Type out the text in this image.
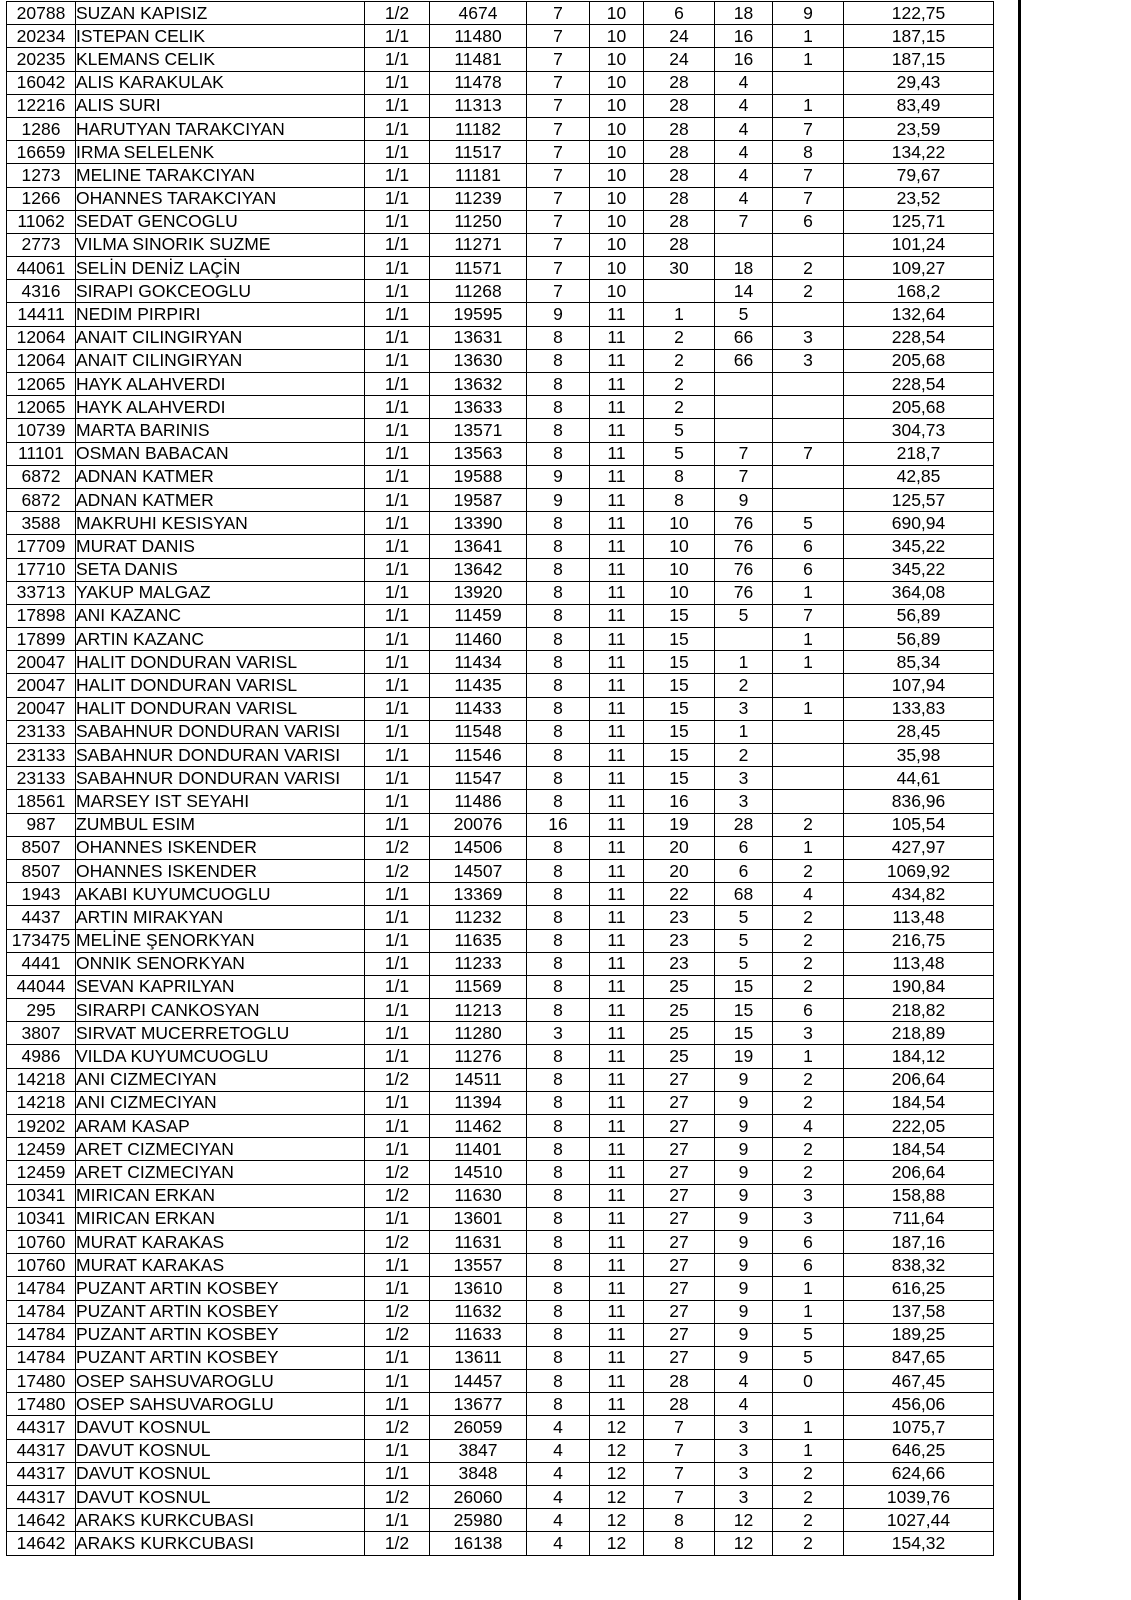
20788	SUZAN KAPISIZ	1/2	4674	7	10	6	18	9	122,75
20234	ISTEPAN CELIK	1/1	11480	7	10	24	16	1	187,15
20235	KLEMANS CELIK	1/1	11481	7	10	24	16	1	187,15
16042	ALIS KARAKULAK	1/1	11478	7	10	28	4		29,43
12216	ALIS SURI	1/1	11313	7	10	28	4	1	83,49
1286	HARUTYAN TARAKCIYAN	1/1	11182	7	10	28	4	7	23,59
16659	IRMA SELELENK	1/1	11517	7	10	28	4	8	134,22
1273	MELINE TARAKCIYAN	1/1	11181	7	10	28	4	7	79,67
1266	OHANNES TARAKCIYAN	1/1	11239	7	10	28	4	7	23,52
11062	SEDAT GENCOGLU	1/1	11250	7	10	28	7	6	125,71
2773	VILMA SINORIK SUZME	1/1	11271	7	10	28			101,24
44061	SELİN DENİZ LAÇİN	1/1	11571	7	10	30	18	2	109,27
4316	SIRAPI GOKCEOGLU	1/1	11268	7	10		14	2	168,2
14411	NEDIM PIRPIRI	1/1	19595	9	11	1	5		132,64
12064	ANAIT CILINGIRYAN	1/1	13631	8	11	2	66	3	228,54
12064	ANAIT CILINGIRYAN	1/1	13630	8	11	2	66	3	205,68
12065	HAYK ALAHVERDI	1/1	13632	8	11	2			228,54
12065	HAYK ALAHVERDI	1/1	13633	8	11	2			205,68
10739	MARTA BARINIS	1/1	13571	8	11	5			304,73
11101	OSMAN BABACAN	1/1	13563	8	11	5	7	7	218,7
6872	ADNAN KATMER	1/1	19588	9	11	8	7		42,85
6872	ADNAN KATMER	1/1	19587	9	11	8	9		125,57
3588	MAKRUHI KESISYAN	1/1	13390	8	11	10	76	5	690,94
17709	MURAT DANIS	1/1	13641	8	11	10	76	6	345,22
17710	SETA DANIS	1/1	13642	8	11	10	76	6	345,22
33713	YAKUP MALGAZ	1/1	13920	8	11	10	76	1	364,08
17898	ANI KAZANC	1/1	11459	8	11	15	5	7	56,89
17899	ARTIN KAZANC	1/1	11460	8	11	15		1	56,89
20047	HALIT DONDURAN VARISL	1/1	11434	8	11	15	1	1	85,34
20047	HALIT DONDURAN VARISL	1/1	11435	8	11	15	2		107,94
20047	HALIT DONDURAN VARISL	1/1	11433	8	11	15	3	1	133,83
23133	SABAHNUR DONDURAN VARISI	1/1	11548	8	11	15	1		28,45
23133	SABAHNUR DONDURAN VARISI	1/1	11546	8	11	15	2		35,98
23133	SABAHNUR DONDURAN VARISI	1/1	11547	8	11	15	3		44,61
18561	MARSEY IST SEYAHI	1/1	11486	8	11	16	3		836,96
987	ZUMBUL ESIM	1/1	20076	16	11	19	28	2	105,54
8507	OHANNES ISKENDER	1/2	14506	8	11	20	6	1	427,97
8507	OHANNES ISKENDER	1/2	14507	8	11	20	6	2	1069,92
1943	AKABI KUYUMCUOGLU	1/1	13369	8	11	22	68	4	434,82
4437	ARTIN MIRAKYAN	1/1	11232	8	11	23	5	2	113,48
173475	MELİNE ŞENORKYAN	1/1	11635	8	11	23	5	2	216,75
4441	ONNIK SENORKYAN	1/1	11233	8	11	23	5	2	113,48
44044	SEVAN KAPRILYAN	1/1	11569	8	11	25	15	2	190,84
295	SIRARPI CANKOSYAN	1/1	11213	8	11	25	15	6	218,82
3807	SIRVAT MUCERRETOGLU	1/1	11280	3	11	25	15	3	218,89
4986	VILDA KUYUMCUOGLU	1/1	11276	8	11	25	19	1	184,12
14218	ANI CIZMECIYAN	1/2	14511	8	11	27	9	2	206,64
14218	ANI CIZMECIYAN	1/1	11394	8	11	27	9	2	184,54
19202	ARAM KASAP	1/1	11462	8	11	27	9	4	222,05
12459	ARET CIZMECIYAN	1/1	11401	8	11	27	9	2	184,54
12459	ARET CIZMECIYAN	1/2	14510	8	11	27	9	2	206,64
10341	MIRICAN ERKAN	1/2	11630	8	11	27	9	3	158,88
10341	MIRICAN ERKAN	1/1	13601	8	11	27	9	3	711,64
10760	MURAT KARAKAS	1/2	11631	8	11	27	9	6	187,16
10760	MURAT KARAKAS	1/1	13557	8	11	27	9	6	838,32
14784	PUZANT ARTIN KOSBEY	1/1	13610	8	11	27	9	1	616,25
14784	PUZANT ARTIN KOSBEY	1/2	11632	8	11	27	9	1	137,58
14784	PUZANT ARTIN KOSBEY	1/2	11633	8	11	27	9	5	189,25
14784	PUZANT ARTIN KOSBEY	1/1	13611	8	11	27	9	5	847,65
17480	OSEP SAHSUVAROGLU	1/1	14457	8	11	28	4	0	467,45
17480	OSEP SAHSUVAROGLU	1/1	13677	8	11	28	4		456,06
44317	DAVUT KOSNUL	1/2	26059	4	12	7	3	1	1075,7
44317	DAVUT KOSNUL	1/1	3847	4	12	7	3	1	646,25
44317	DAVUT KOSNUL	1/1	3848	4	12	7	3	2	624,66
44317	DAVUT KOSNUL	1/2	26060	4	12	7	3	2	1039,76
14642	ARAKS KURKCUBASI	1/1	25980	4	12	8	12	2	1027,44
14642	ARAKS KURKCUBASI	1/2	16138	4	12	8	12	2	154,32
